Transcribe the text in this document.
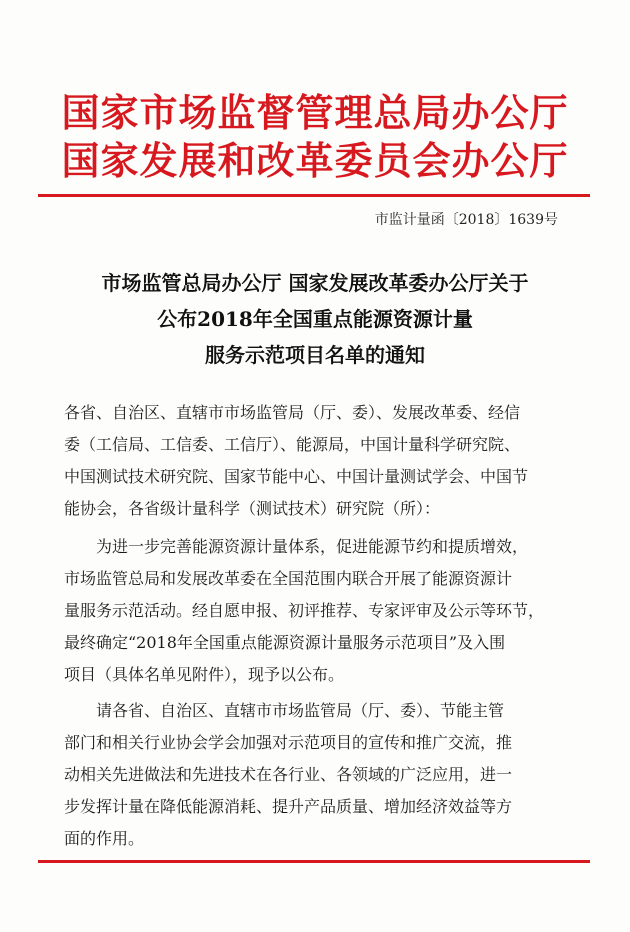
国家市场监督管理总局办公厅
国家发展和改革委员会办公厅
市监计量函〔2018〕1639号
市场监管总局办公厅 国家发展改革委办公厅关于
公布2018年全国重点能源资源计量
服务示范项目名单的通知
各省、自治区、直辖市市场监管局（厅、委）、发展改革委、经信
委（工信局、工信委、工信厅）、能源局，中国计量科学研究院、
中国测试技术研究院、国家节能中心、中国计量测试学会、中国节
能协会，各省级计量科学（测试技术）研究院（所）：
为进一步完善能源资源计量体系，促进能源节约和提质增效，
市场监管总局和发展改革委在全国范围内联合开展了能源资源计
量服务示范活动。经自愿申报、初评推荐、专家评审及公示等环节，
最终确定“2018年全国重点能源资源计量服务示范项目”及入围
项目（具体名单见附件），现予以公布。
请各省、自治区、直辖市市场监管局（厅、委）、节能主管
部门和相关行业协会学会加强对示范项目的宣传和推广交流，推
动相关先进做法和先进技术在各行业、各领域的广泛应用，进一
步发挥计量在降低能源消耗、提升产品质量、增加经济效益等方
面的作用。
